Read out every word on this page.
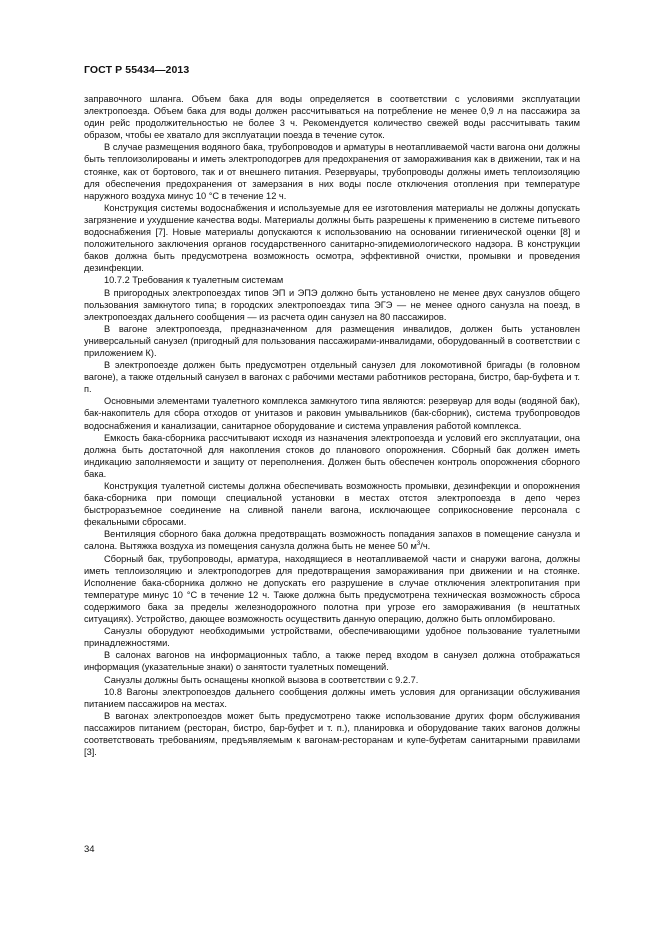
ГОСТ Р 55434—2013

заправочного шланга. Объем бака для воды определяется в соответствии с условиями эксплуатации электропоезда. Объем бака для воды должен рассчитываться на потребление не менее 0,9 л на пассажира за один рейс продолжительностью не более 3 ч. Рекомендуется количество свежей воды рассчитывать таким образом, чтобы ее хватало для эксплуатации поезда в течение суток.

В случае размещения водяного бака, трубопроводов и арматуры в неотапливаемой части вагона они должны быть теплоизолированы и иметь электроподогрев для предохранения от замораживания как в движении, так и на стоянке, как от бортового, так и от внешнего питания. Резервуары, трубопроводы должны иметь теплоизоляцию для обеспечения предохранения от замерзания в них воды после отключения отопления при температуре наружного воздуха минус 10 °С в течение 12 ч.

Конструкция системы водоснабжения и используемые для ее изготовления материалы не должны допускать загрязнение и ухудшение качества воды. Материалы должны быть разрешены к применению в системе питьевого водоснабжения [7]. Новые материалы допускаются к использованию на основании гигиенической оценки [8] и положительного заключения органов государственного санитарно-эпидемиологического надзора. В конструкции баков должна быть предусмотрена возможность осмотра, эффективной очистки, промывки и проведения дезинфекции.

10.7.2 Требования к туалетным системам

В пригородных электропоездах типов ЭП и ЭПЭ должно быть установлено не менее двух санузлов общего пользования замкнутого типа; в городских электропоездах типа ЭГЭ — не менее одного санузла на поезд, в электропоездах дальнего сообщения — из расчета один санузел на 80 пассажиров.

В вагоне электропоезда, предназначенном для размещения инвалидов, должен быть установлен универсальный санузел (пригодный для пользования пассажирами-инвалидами, оборудованный в соответствии с приложением К).

В электропоезде должен быть предусмотрен отдельный санузел для локомотивной бригады (в головном вагоне), а также отдельный санузел в вагонах с рабочими местами работников ресторана, бистро, бар-буфета и т. п.

Основными элементами туалетного комплекса замкнутого типа являются: резервуар для воды (водяной бак), бак-накопитель для сбора отходов от унитазов и раковин умывальников (бак-сборник), система трубопроводов водоснабжения и канализации, санитарное оборудование и система управления работой комплекса.

Емкость бака-сборника рассчитывают исходя из назначения электропоезда и условий его эксплуатации, она должна быть достаточной для накопления стоков до планового опорожнения. Сборный бак должен иметь индикацию заполняемости и защиту от переполнения. Должен быть обеспечен контроль опорожнения сборного бака.

Конструкция туалетной системы должна обеспечивать возможность промывки, дезинфекции и опорожнения бака-сборника при помощи специальной установки в местах отстоя электропоезда в депо через быстроразъемное соединение на сливной панели вагона, исключающее соприкосновение персонала с фекальными сбросами.

Вентиляция сборного бака должна предотвращать возможность попадания запахов в помещение санузла и салона. Вытяжка воздуха из помещения санузла должна быть не менее 50 $м^3/ч$.

Сборный бак, трубопроводы, арматура, находящиеся в неотапливаемой части и снаружи вагона, должны иметь теплоизоляцию и электроподогрев для предотвращения замораживания при движении и на стоянке. Исполнение бака-сборника должно не допускать его разрушение в случае отключения электропитания при температуре минус 10 °С в течение 12 ч. Также должна быть предусмотрена техническая возможность сброса содержимого бака за пределы железнодорожного полотна при угрозе его замораживания (в нештатных ситуациях). Устройство, дающее возможность осуществить данную операцию, должно быть опломбировано.

Санузлы оборудуют необходимыми устройствами, обеспечивающими удобное пользование туалетными принадлежностями.

В салонах вагонов на информационных табло, а также перед входом в санузел должна отображаться информация (указательные знаки) о занятости туалетных помещений.

Санузлы должны быть оснащены кнопкой вызова в соответствии с 9.2.7.

10.8 Вагоны электропоездов дальнего сообщения должны иметь условия для организации обслуживания питанием пассажиров на местах.

В вагонах электропоездов может быть предусмотрено также использование других форм обслуживания пассажиров питанием (ресторан, бистро, бар-буфет и т. п.), планировка и оборудование таких вагонов должны соответствовать требованиям, предъявляемым к вагонам-ресторанам и купе-буфетам санитарными правилами [3].

34
